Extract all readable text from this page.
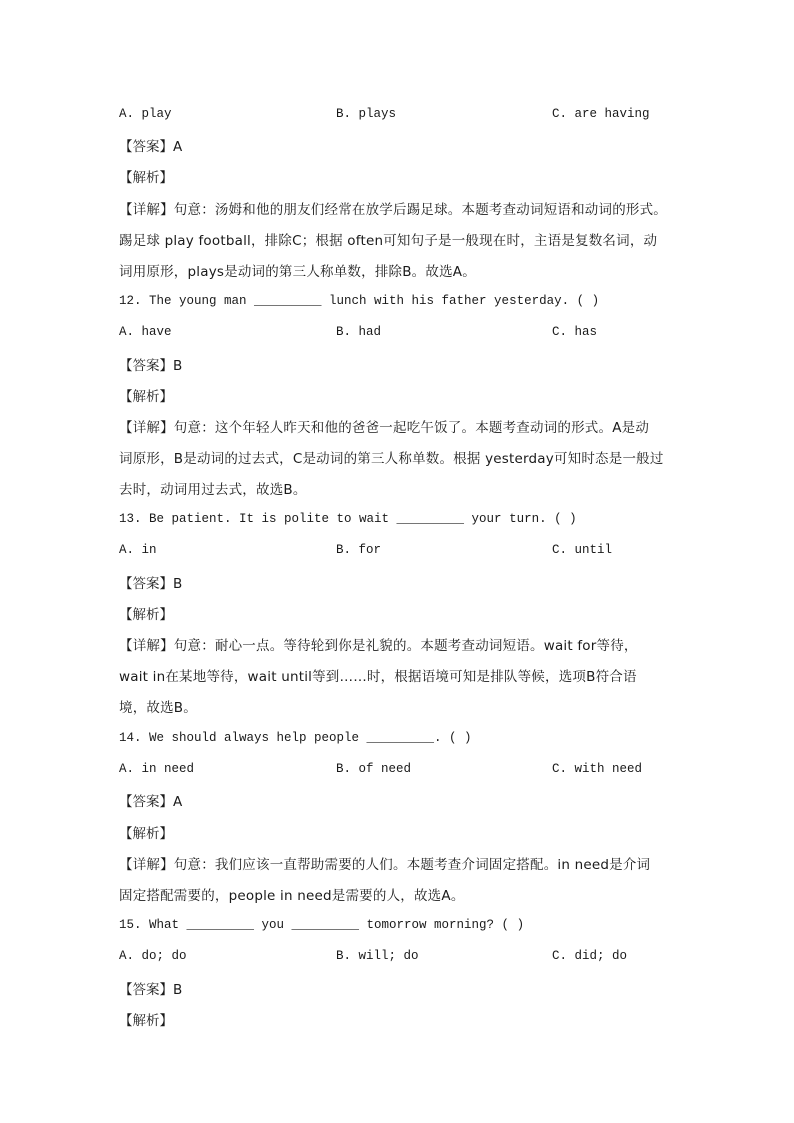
A. play	B. plays	C. are having
【答案】A
【解析】
【详解】句意：汤姆和他的朋友们经常在放学后踢足球。本题考查动词短语和动词的形式。
踢足球 play football，排除C；根据 often可知句子是一般现在时，主语是复数名词，动
词用原形，plays是动词的第三人称单数，排除B。故选A。
12. The young man _________ lunch with his father yesterday. ( )
A. have	B. had	C. has
【答案】B
【解析】
【详解】句意：这个年轻人昨天和他的爸爸一起吃午饭了。本题考查动词的形式。A是动
词原形，B是动词的过去式，C是动词的第三人称单数。根据 yesterday可知时态是一般过
去时，动词用过去式，故选B。
13. Be patient. It is polite to wait _________ your turn. ( )
A. in	B. for	C. until
【答案】B
【解析】
【详解】句意：耐心一点。等待轮到你是礼貌的。本题考查动词短语。wait for等待，
wait in在某地等待，wait until等到……时，根据语境可知是排队等候，选项B符合语
境，故选B。
14. We should always help people _________. ( )
A. in need	B. of need	C. with need
【答案】A
【解析】
【详解】句意：我们应该一直帮助需要的人们。本题考查介词固定搭配。in need是介词
固定搭配需要的，people in need是需要的人，故选A。
15. What _________ you _________ tomorrow morning? ( )
A. do; do	B. will; do	C. did; do
【答案】B
【解析】
